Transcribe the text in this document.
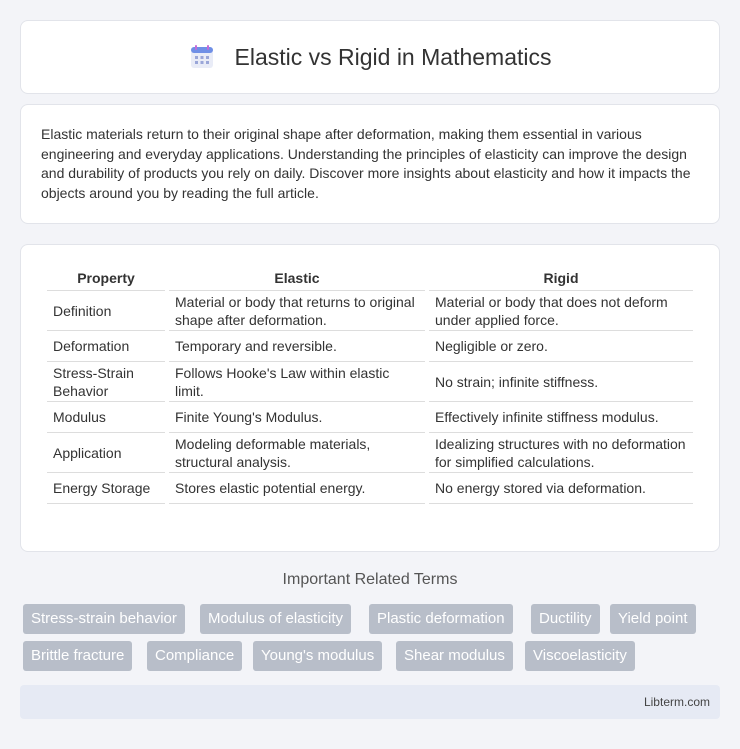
Elastic vs Rigid in Mathematics

Elastic materials return to their original shape after deformation, making them essential in various engineering and everyday applications. Understanding the principles of elasticity can improve the design and durability of products you rely on daily. Discover more insights about elasticity and how it impacts the objects around you by reading the full article.

Property	Elastic	Rigid
Definition	Material or body that returns to original shape after deformation.	Material or body that does not deform under applied force.
Deformation	Temporary and reversible.	Negligible or zero.
Stress-Strain Behavior	Follows Hooke's Law within elastic limit.	No strain; infinite stiffness.
Modulus	Finite Young's Modulus.	Effectively infinite stiffness modulus.
Application	Modeling deformable materials, structural analysis.	Idealizing structures with no deformation for simplified calculations.
Energy Storage	Stores elastic potential energy.	No energy stored via deformation.
Important Related Terms
Stress-strain behavior	Modulus of elasticity	Plastic deformation	Ductility	Yield point
Brittle fracture	Compliance	Young's modulus	Shear modulus	Viscoelasticity
Libterm.com
